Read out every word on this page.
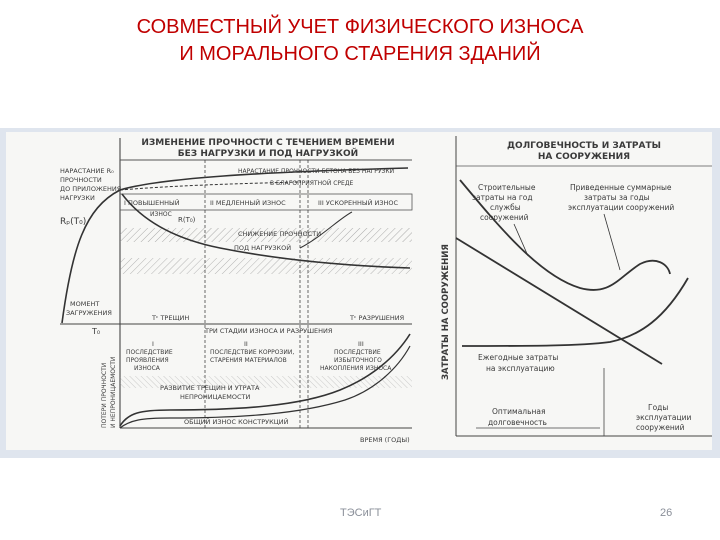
СОВМЕСТНЫЙ УЧЕТ ФИЗИЧЕСКОГО ИЗНОСА
И МОРАЛЬНОГО СТАРЕНИЯ ЗДАНИЙ
ИЗМЕНЕНИЕ ПРОЧНОСТИ С ТЕЧЕНИЕМ ВРЕМЕНИ
БЕЗ НАГРУЗКИ И ПОД НАГРУЗКОЙ
НАРАСТАНИЕ R₀
ПРОЧНОСТИ
ДО ПРИЛОЖЕНИЯ
НАГРУЗКИ
Rₚ(T₀)
T₀
МОМЕНТ
ЗАГРУЖЕНИЯ
НАРАСТАНИЕ ПРОЧНОСТИ БЕТОНА БЕЗ НАГРУЗКИ
В БЛАГОПРИЯТНОЙ СРЕДЕ
I ПОВЫШЕННЫЙ
ИЗНОС
II МЕДЛЕННЫЙ ИЗНОС	III УСКОРЕННЫЙ ИЗНОС
R(T₀)
СНИЖЕНИЕ ПРОЧНОСТИ
ПОД НАГРУЗКОЙ
Tᶜ ТРЕЩИН	Tᶜ РАЗРУШЕНИЯ
ТРИ СТАДИИ ИЗНОСА И РАЗРУШЕНИЯ
I
ПОСЛЕДСТВИЕ
ПРОЯВЛЕНИЯ
ИЗНОСА
II
ПОСЛЕДСТВИЕ КОРРОЗИИ,
СТАРЕНИЯ МАТЕРИАЛОВ
III
ПОСЛЕДСТВИЕ
ИЗБЫТОЧНОГО
НАКОПЛЕНИЯ ИЗНОСА
РАЗВИТИЕ ТРЕЩИН И УТРАТА
НЕПРОНИЦАЕМОСТИ
ОБЩИЙ ИЗНОС КОНСТРУКЦИЙ
ПОТЕРИ ПРОЧНОСТИ И НЕПРОНИЦАЕМОСТИ
ВРЕМЯ (ГОДЫ)
ЗАТРАТЫ НА СООРУЖЕНИЯ
ДОЛГОВЕЧНОСТЬ И ЗАТРАТЫ
НА СООРУЖЕНИЯ
Строительные
затраты на год
службы
сооружений
Приведенные суммарные
затраты за годы
эксплуатации сооружений
Ежегодные затраты
на эксплуатацию
Оптимальная
долговечность
Годы
эксплуатации
сооружений
ТЭСиГТ	26
